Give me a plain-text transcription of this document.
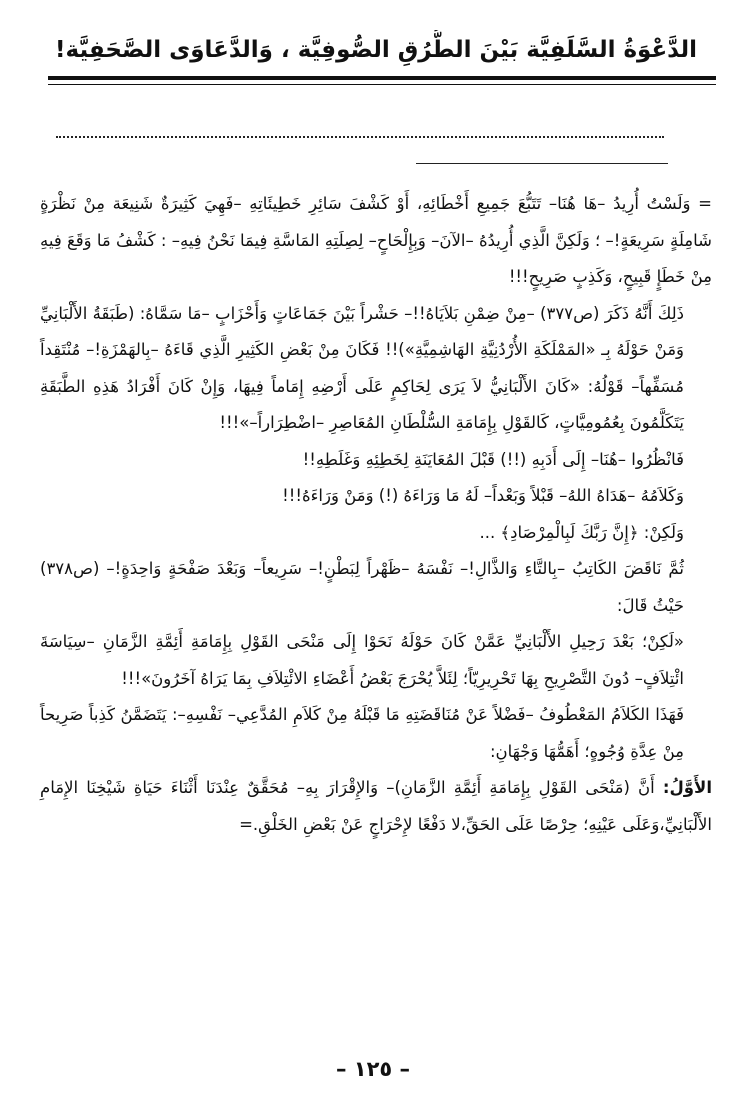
الدَّعْوَةُ السَّلَفِيَّة بَيْنَ الطُّرُقِ الصُّوفِيَّة ، وَالدَّعَاوَى الصَّحَفِيَّة!

= وَلَسْتُ أُرِيدُ –هَا هُنَا– تَتَبُّعَ جَمِيعِ أَخْطَائِهِ، أَوْ كَشْفَ سَائِرِ خَطِيئَاتِهِ –فَهِيَ كَثِيرَةٌ شَنِيعَة مِنْ نَظْرَةٍ شَامِلَةٍ سَرِيعَةٍ!– ؛ وَلَكِنَّ الَّذِي أُرِيدُهُ –الآنَ– وَبِإِلْحَاحٍ– لِصِلَتِهِ المَاسَّةِ فِيمَا نَحْنُ فِيهِ– : كَشْفُ مَا وَقَعَ فِيهِ مِنْ خَطَإٍ قَبِيحٍ، وَكَذِبٍ صَرِيحٍ!!!

ذَلِكَ أَنَّهُ ذَكَرَ (ص٣٧٧) –مِنْ ضِمْنِ بَلاَيَاهُ!!– حَشْراً بَيْنَ جَمَاعَاتٍ وَأَحْزَابٍ –مَا سَمَّاهُ: (طَبَقَةُ الأَلْبَانِيِّ وَمَنْ حَوْلَهُ بِـ «المَمْلَكَةِ الأُرْدُنِيَّةِ الهَاشِمِيَّةِ»)!! فَكَانَ مِنْ بَعْضِ الكَثِيرِ الَّذِي قَاءَهُ –بِالهَمْزَةِ!– مُنْتَقِداً مُسَفِّهاً– قَوْلُهُ: «كَانَ الأَلْبَانِيُّ لاَ يَرَى لِحَاكِمٍ عَلَى أَرْضِهِ إِمَاماً فِيهَا، وَإِنْ كَانَ أَفْرَادُ هَذِهِ الطَّبَقَةِ يَتَكَلَّمُونَ بِعُمُومِيَّاتٍ، كَالقَوْلِ بِإِمَامَةِ السُّلْطَانِ المُعَاصِرِ –اضْطِرَاراً–»!!!

فَانْظُرُوا –هُنَا– إِلَى أَدَبِهِ (!!) قَبْلَ المُعَايَنَةِ لِخَطِئِهِ وَغَلَطِهِ!!

وَكَلاَمُهُ –هَدَاهُ اللهُ– قَبْلاً وَبَعْداً– لَهُ مَا وَرَاءَهُ (!) وَمَنْ وَرَاءَهُ!!!

وَلَكِنْ: ﴿إِنَّ رَبَّكَ لَبِالْمِرْصَادِ﴾ ...

ثُمَّ نَاقَضَ الكَاتِبُ –بِالتَّاءِ وَالذَّالِ!– نَفْسَهُ –ظَهْراً لِبَطْنٍ!– سَرِيعاً– وَبَعْدَ صَفْحَةٍ وَاحِدَةٍ!– (ص٣٧٨) حَيْثُ قَالَ:

«لَكِنْ؛ بَعْدَ رَحِيلِ الأَلْبَانِيِّ عَمَّنْ كَانَ حَوْلَهُ نَحَوْا إِلَى مَنْحَى القَوْلِ بِإِمَامَةِ أَئِمَّةِ الزَّمَانِ –سِيَاسَةَ ائْتِلاَفٍ– دُونَ التَّصْرِيحِ بِهَا تَحْرِيرِيّاً؛ لِئَلاَّ يُحْرَجَ بَعْضُ أَعْضَاءِ الائْتِلاَفِ بِمَا يَرَاهُ آخَرُونَ»!!!

فَهَذَا الكَلاَمُ المَعْطُوفُ –فَضْلاً عَنْ مُنَاقَضَتِهِ مَا قَبْلَهُ مِنْ كَلاَمِ المُدَّعِي– نَفْسِهِ–: يَتَضَمَّنُ كَذِباً صَرِيحاً مِنْ عِدَّةِ وُجُوهٍ؛ أَهَمُّهَا وَجْهَانِ:

الأَوَّلُ: أَنَّ (مَنْحَى القَوْلِ بِإِمَامَةِ أَئِمَّةِ الزَّمَانِ)– وَالإِقْرَارَ بِهِ– مُحَقَّقٌ عِنْدَنَا أَثْنَاءَ حَيَاةِ شَيْخِنَا الإِمَامِ الأَلْبَانِيِّ،وَعَلَى عَيْنِهِ؛ حِرْصًا عَلَى الحَقِّ،لا دَفْعًا لإِحْرَاجٍ عَنْ بَعْضِ الخَلْقِ.=

– ١٢٥ –
